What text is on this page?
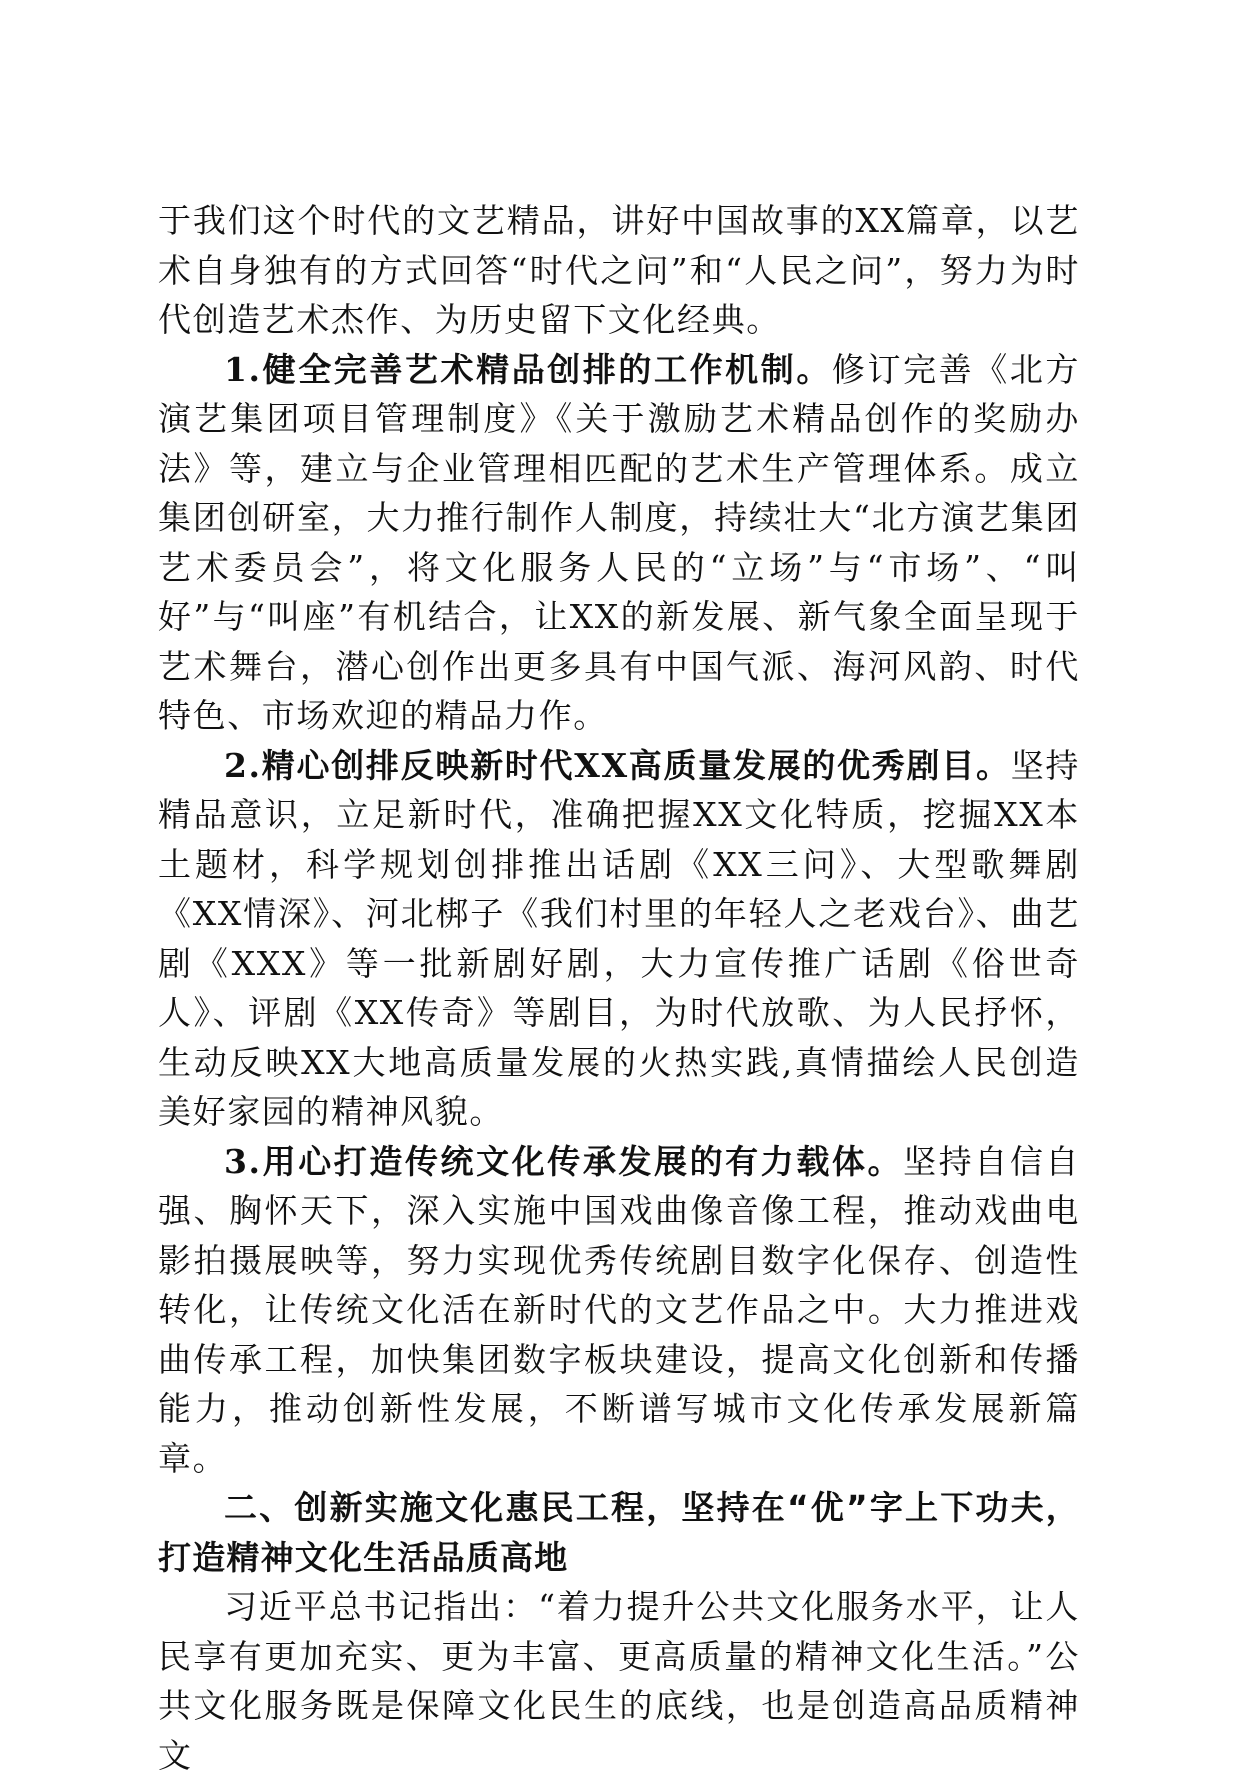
于我们这个时代的文艺精品，讲好中国故事的XX篇章，以艺术自身独有的方式回答“时代之问”和“人民之问”，努力为时代创造艺术杰作、为历史留下文化经典。

1.健全完善艺术精品创排的工作机制。修订完善《北方演艺集团项目管理制度》《关于激励艺术精品创作的奖励办法》等，建立与企业管理相匹配的艺术生产管理体系。成立集团创研室，大力推行制作人制度，持续壮大“北方演艺集团艺术委员会”，将文化服务人民的“立场”与“市场”、“叫好”与“叫座”有机结合，让XX的新发展、新气象全面呈现于艺术舞台，潜心创作出更多具有中国气派、海河风韵、时代特色、市场欢迎的精品力作。

2.精心创排反映新时代XX高质量发展的优秀剧目。坚持精品意识，立足新时代，准确把握XX文化特质，挖掘XX本土题材，科学规划创排推出话剧《XX三问》、大型歌舞剧《XX情深》、河北梆子《我们村里的年轻人之老戏台》、曲艺剧《XXX》等一批新剧好剧，大力宣传推广话剧《俗世奇人》、评剧《XX传奇》等剧目，为时代放歌、为人民抒怀，生动反映XX大地高质量发展的火热实践,真情描绘人民创造美好家园的精神风貌。

3.用心打造传统文化传承发展的有力载体。坚持自信自强、胸怀天下，深入实施中国戏曲像音像工程，推动戏曲电影拍摄展映等，努力实现优秀传统剧目数字化保存、创造性转化，让传统文化活在新时代的文艺作品之中。大力推进戏曲传承工程，加快集团数字板块建设，提高文化创新和传播能力，推动创新性发展，不断谱写城市文化传承发展新篇章。

二、创新实施文化惠民工程，坚持在“优”字上下功夫，打造精神文化生活品质高地

习近平总书记指出：“着力提升公共文化服务水平，让人民享有更加充实、更为丰富、更高质量的精神文化生活。”公共文化服务既是保障文化民生的底线，也是创造高品质精神文
